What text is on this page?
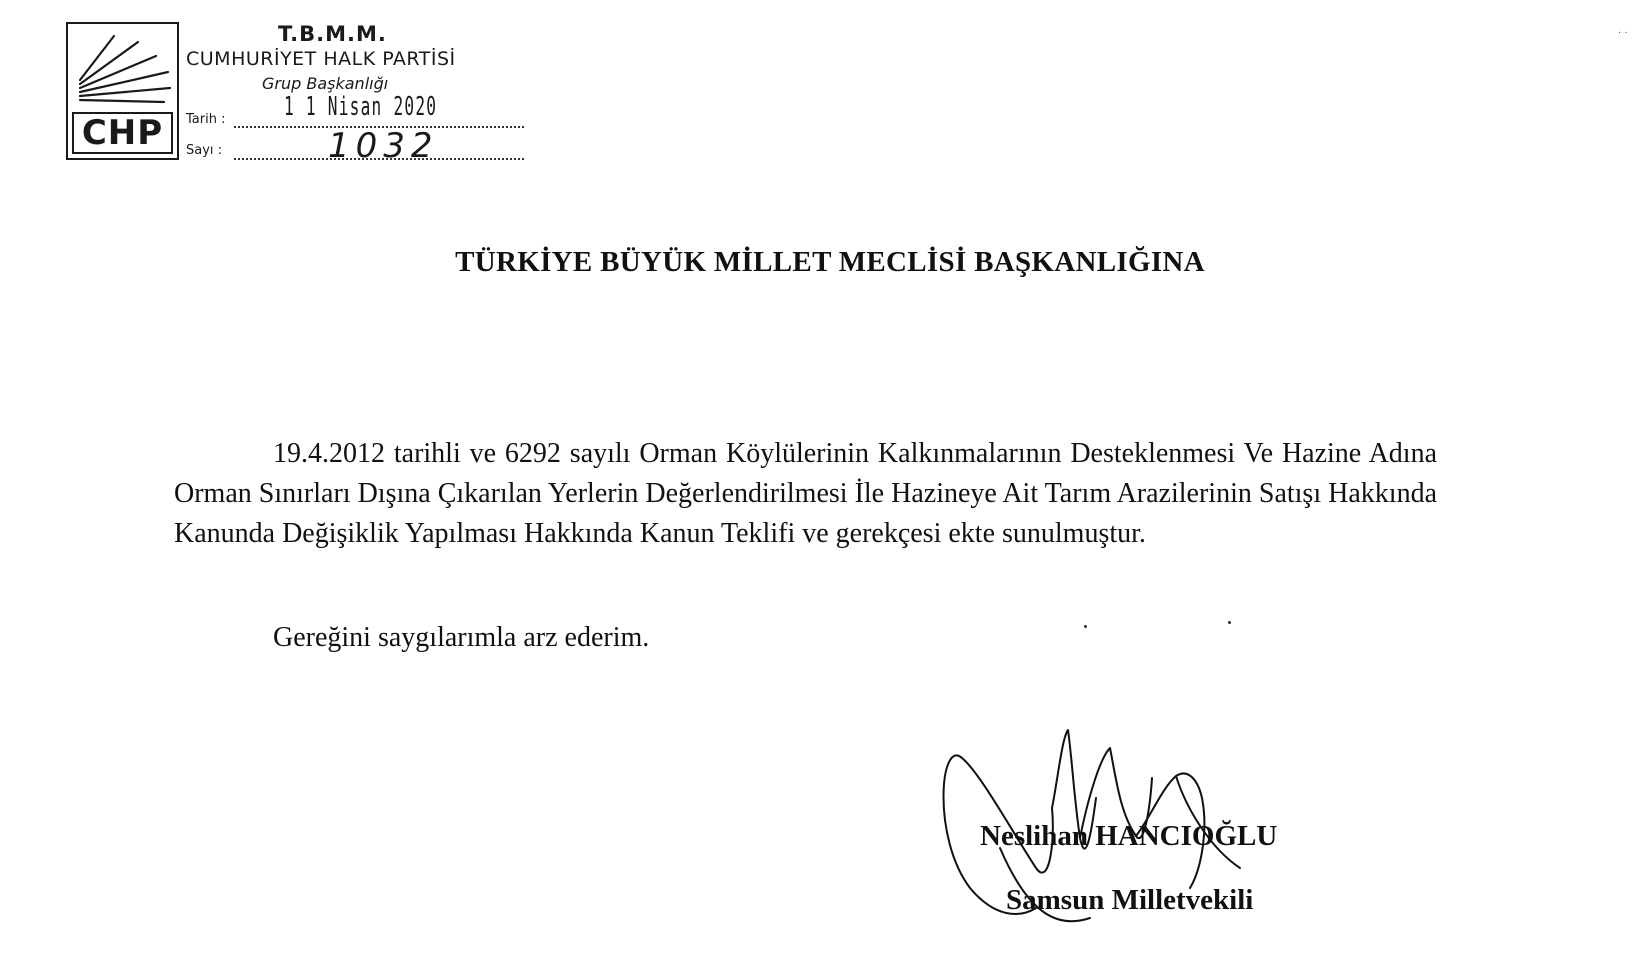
CHP
T.B.M.M.
CUMHURİYET HALK PARTİSİ
Grup Başkanlığı
Tarih : 1 1 Nisan 2020
Sayı :	1032
· ·
TÜRKİYE BÜYÜK MİLLET MECLİSİ BAŞKANLIĞINA

19.4.2012 tarihli ve 6292 sayılı Orman Köylülerinin Kalkınmalarının Desteklenmesi Ve Hazine Adına Orman Sınırları Dışına Çıkarılan Yerlerin Değerlendirilmesi İle Hazineye Ait Tarım Arazilerinin Satışı Hakkında Kanunda Değişiklik Yapılması Hakkında Kanun Teklifi ve gerekçesi ekte sunulmuştur.

Gereğini saygılarımla arz ederim.

Neslihan HANCIOĞLU
Samsun Milletvekili
